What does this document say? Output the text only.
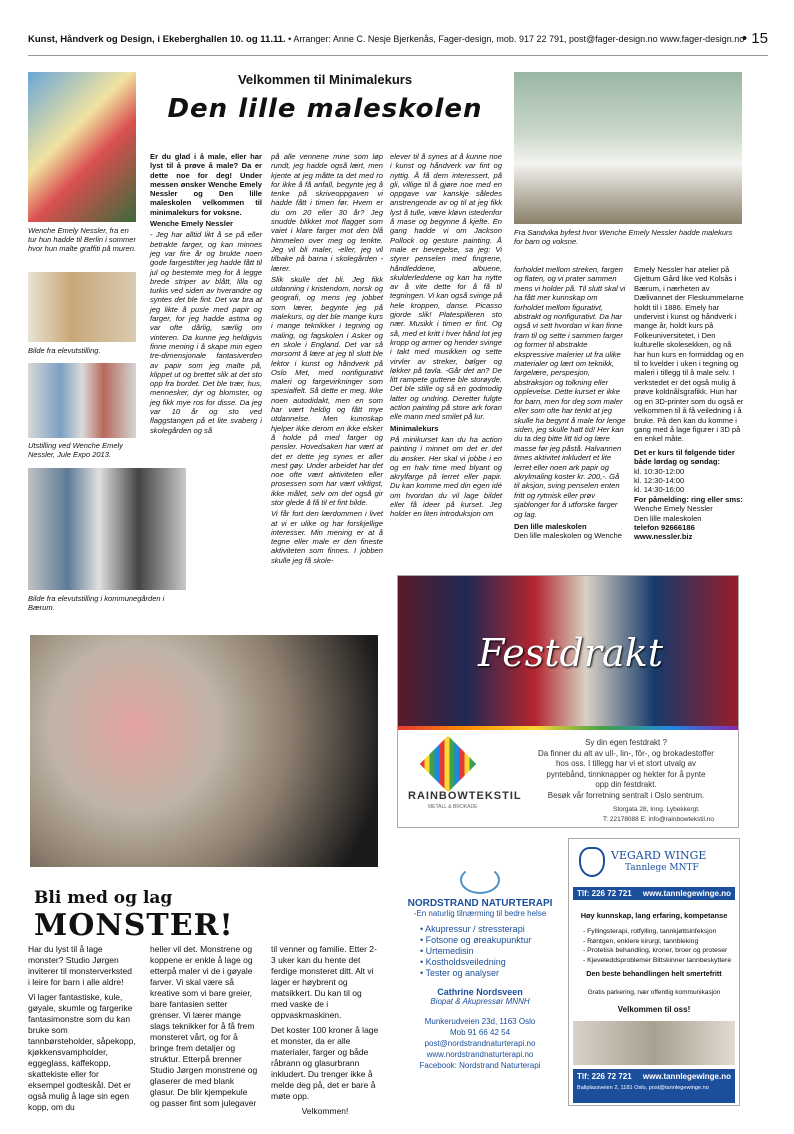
Kunst, Håndverk og Design, i Ekeberghallen 10. og 11.11. • Arranger: Anne C. Nesje Bjerkenås, Fager-design, mob. 917 22 791, post@fager-design.no www.fager-design.no
• 15
Wenche Emely Nessler, fra en tur hun hadde til Berlin i sommer hvor hun malte graffiti på muren.
Bilde fra elevutstilling.
Utstilling ved Wenche Emely Nessler, Jule Expo 2013.
Bilde fra elevutstilling i kommunegården i Bærum.
Velkommen til Minimalekurs
Den lille maleskolen

Er du glad i å male, eller har lyst til å prøve å male? Da er dette noe for deg! Under messen ønsker Wenche Emely Nessler og Den lille maleskolen velkommen til minimalekurs for voksne.

Wenche Emely Nessler

- Jeg har alltid likt å se på eller betrakte farger, og kan minnes jeg var fire år og brukte noen gode fargestifter jeg hadde fått til jul og bestemte meg for å legge brede striper av blått, lilla og turkis ved siden av hverandre og syntes det ble fint. Det var bra at jeg likte å pusle med papir og farger, for jeg hadde astma og var ofte dårlig, særlig om vinteren. Da kunne jeg heldigvis finne mening i å skape min egen tre-dimensjonale fantasiverden av papir som jeg malte på, klippet ut og brettet slik at det sto opp fra bordet. Det ble trær, hus, mennesker, dyr og blomster, og jeg fikk mye ros for disse. Da jeg var 10 år og sto ved flaggstangen på et lite svaberg i skolegården og så

på alle vennene mine som løp rundt, jeg hadde også lært, men kjente at jeg måtte ta det med ro for ikke å få anfall, begynte jeg å tenke på skriveoppgaven vi hadde fått i timen før. Hvem er du om 20 eller 30 år? Jeg snudde blikket mot flagget som vaiet i klare farger mot den blå himmelen over meg og tenkte. Jeg vil bli maler, -eller, jeg vil tilbake på barna i skolegården - lærer.

Slik skulle det bli. Jeg fikk utdanning i kristendom, norsk og geografi, og mens jeg jobbet som lærer, begynte jeg på malekurs, og det ble mange kurs i mange teknikker i tegning og maling, og fagskolen i Asker og en skole i England. Det var så morsomt å lære at jeg til slutt ble lektor i kunst og håndverk på Oslo Met, med nonfigurativt maleri og fargevirkninger som spesialfelt. Så dette er meg. Ikke noen autodidakt, men en som har vært heldig og fått mye utdannelse. Men kunnskap hjelper ikke derom en ikke elsker å holde på med farger og pensler. Hovedsaken har vært at det er dette jeg synes er aller mest gøy. Under arbeidet har det noe ofte vært aktiviteten eller prosessen som har vært viktigst, ikke målet, selv om det også gir stor glede å få til et fint bilde.

Vi får fort den lærdommen i livet at vi er ulike og har forskjellige interesser. Min mening er at å tegne eller male er den fineste aktiviteten som finnes. I jobben skulle jeg få skole-

elever til å synes at å kunne noe i kunst og håndverk var fint og nyttig. Å få dem interessert, på gli, villige til å gjøre noe med en oppgave var kanskje således anstrengende av og til at jeg fikk lyst å tulle, være kløvn istedenfor å mase og begynne å kjefte. En gang hadde vi om Jackson Pollock og gesture painting. Å male er bevegelse, sa jeg: Vi styrer penselen med fingrene, håndleddene, albuene, skulderleddene og kan ha nytte av å vite dette for å få til tegningen. Vi kan også svinge på hele kroppen, danse. Picasso gjorde slik! Platespilleren sto nær. Musikk i timen er fint. Og så, med et kritt i hver hånd lot jeg kropp og armer og hender svinge i takt med musikken og sette virvler av streker, bølger og løkker på tavla. -Går det an? De litt rampete guttene ble storøyde. Det ble stille og så en godmodig latter og undring. Deretter fulgte action painting på store ark foran elle mann med smilet på lur.

Minimalekurs

På minikurset kan du ha action painting i minnet om det er det du ønsker. Her skal vi jobbe i en og en halv time med blyant og akrylfarge på lerret eller papir. Du kan komme med din egen idé om hvordan du vil lage bildet eller få ideer på kurset. Jeg holder en liten introduksjon om

Fra Sandvika byfest hvor Wenche Emely Nessler hadde malekurs for barn og voksne.

forholdet mellom streken, fargen og flaten, og vi prater sammen mens vi holder på. Til slutt skal vi ha fått mer kunnskap om forholdet mellom figurativt, abstrakt og nonfigurativt. Da har også vi sett hvordan vi kan finne fram til og sette i sammen farger og former til abstrakte ekspressive malerier ut fra ulike materialer og lært om teknikk, fargelære, perspesjon, abstraksjon og tolkning eller opplevelse. Dette kurset er ikke for barn, men for deg som maler eller som ofte har tenkt at jeg skulle ha begynt å male for lenge siden, jeg skulle hatt tid! Her kan du ta deg bitte litt tid og lære masse før jeg påstå. Halvannen times aktivitet inkludert et lite lerret eller noen ark papir og akrylmaling koster kr. 200,-. Gå til aksjon, sving penselen enten fritt og rytmisk eller prøv sjablonger for å utforske farger og lag.

Den lille maleskolen

Den lille maleskolen og Wenche

Emely Nessler har atelier på Gjettum Gård like ved Kolsås i Bærum, i nærheten av Dælivannet der Fleskummelarne holdt til i 1886. Emely har undervist i kunst og håndverk i mange år, holdt kurs på Folkeuniversitetet, i Den kulturelle skolesekken, og nå har hun kurs en formiddag og en til to kvelder i uken i tegning og maleri i tillegg til å male selv. I verkstedet er det også mulig å prøve koldnålsgrafikk. Hun har og en 3D-printer som du også er velkommen til å få veiledning i å bruke. På den kan du komme i gang med å lage figurer i 3D på en enkel måte.

Det er kurs til følgende tider både lørdag og søndag:

kl. 10:30-12:00

kl. 12:30-14:00

kl. 14:30-16:00

For påmelding: ring eller sms:

Wenche Emely Nessler

Den lille maleskolen

telefon 92666186

www.nessler.biz

Festdrakt
RAINBOWTEKSTIL
METALL & BROKADE
Sy din egen festdrakt ?
Da finner du alt av ull-, lin-, fôr-, og brokadestoffer
hos oss. I tillegg har vi et stort utvalg av
pyntebånd, tinnknapper og hekter for å pynte
opp din festdrakt.
Besøk vår forretning sentralt i Oslo sentrum.
Storgata 28, Inng. Lybekkergt.
T: 22178088 E: info@rainbowtekstil.no
Bli med og lag MONSTER!

Har du lyst til å lage monster? Studio Jørgen inviterer til monsterverksted i leire for barn i alle aldre!

Vi lager fantastiske, kule, gøyale, skumle og fargerike fantasimonstre som du kan bruke som tannbørsteholder, såpekopp, kjøkkensvampholder, eggeglass, kaffekopp, skattekiste eller for eksempel godteskål. Det er også mulig å lage sin egen kopp, om du

heller vil det. Monstrene og koppene er enkle å lage og etterpå maler vi de i gøyale farver. Vi skal være så kreative som vi bare greier, bare fantasien setter grenser. Vi lærer mange slags teknikker for å få frem monsteret vårt, og for å bringe frem detaljer og struktur. Etterpå brenner Studio Jørgen monstrene og glaserer de med blank glasur. De blir kjempekule og passer fint som julegaver

til venner og familie. Etter 2-3 uker kan du hente det ferdige monsteret ditt. Alt vi lager er høybrent og matsikkert. Du kan til og med vaske de i oppvaskmaskinen.

Det koster 100 kroner å lage et monster, da er alle materialer, farger og både råbrann og glasurbrann inkludert. Du trenger ikke å melde deg på, det er bare å møte opp.

Velkommen!

NORDSTRAND NATURTERAPI
-En naturlig tilnærming til bedre helse
• Akupressur / stressterapi
• Fotsone og øreakupunktur
• Urtemedisin
• Kostholdsveiledning
• Tester og analyser
Cathrine Nordsveen
Biopat & Akupressør MNNH
Munkerudveien 23d, 1163 Oslo
Mob 91 66 42 54
post@nordstrandnaturterapi.no
www.nordstrandnaturterapi.no
Facebook: Nordstrand Naturterapi
VEGARD WINGE
Tannlege MNTF
Tlf: 226 72 721 www.tannlegewinge.no
Høy kunnskap, lang erfaring, kompetanse
- Fyllingsterapi, rotfylling, tannkjøttsinfeksjon
- Røntgen, enklere kirurgi, tannbleking
- Protetisk behandling, kroner, broer og proteser
- Kjeveleddsproblemer Bittskinner tannbeskyttere
Den beste behandlingen helt smertefritt
Gratis parkering, nær offentlig kommunikasjon
Velkommen til oss!
Tlf: 226 72 721 www.tannlegewinge.no
Ballplassveien 2, 1181 Oslo, post@tannlegewinge.no
